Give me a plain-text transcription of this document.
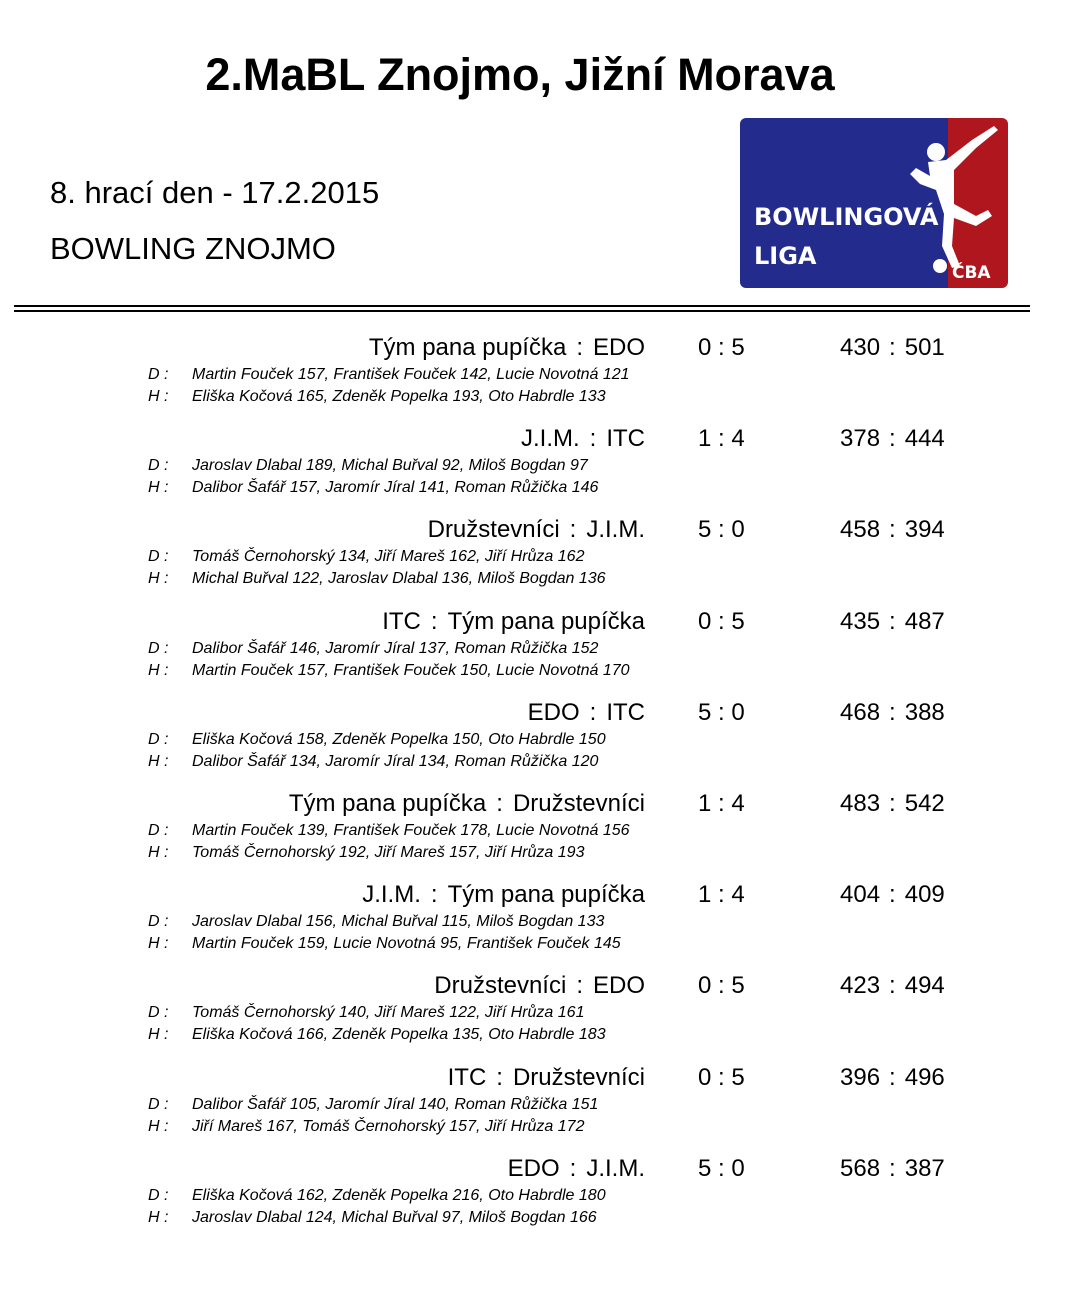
2.MaBL Znojmo, Jižní Morava
8. hrací den - 17.2.2015
BOWLING ZNOJMO
BOWLINGOVÁ
LIGA
ČBA
Tým pana pupíčka : EDO 0 : 5	430 : 501
D : Martin Fouček 157, František Fouček 142, Lucie Novotná 121
H : Eliška Kočová 165, Zdeněk Popelka 193, Oto Habrdle 133
J.I.M. : ITC 1 : 4	378 : 444
D : Jaroslav Dlabal 189, Michal Buřval 92, Miloš Bogdan 97
H : Dalibor Šafář 157, Jaromír Jíral 141, Roman Růžička 146
Družstevníci : J.I.M. 5 : 0	458 : 394
D : Tomáš Černohorský 134, Jiří Mareš 162, Jiří Hrůza 162
H : Michal Buřval 122, Jaroslav Dlabal 136, Miloš Bogdan 136
ITC : Tým pana pupíčka 0 : 5	435 : 487
D : Dalibor Šafář 146, Jaromír Jíral 137, Roman Růžička 152
H : Martin Fouček 157, František Fouček 150, Lucie Novotná 170
EDO : ITC 5 : 0	468 : 388
D : Eliška Kočová 158, Zdeněk Popelka 150, Oto Habrdle 150
H : Dalibor Šafář 134, Jaromír Jíral 134, Roman Růžička 120
Tým pana pupíčka : Družstevníci 1 : 4	483 : 542
D : Martin Fouček 139, František Fouček 178, Lucie Novotná 156
H : Tomáš Černohorský 192, Jiří Mareš 157, Jiří Hrůza 193
J.I.M. : Tým pana pupíčka 1 : 4	404 : 409
D : Jaroslav Dlabal 156, Michal Buřval 115, Miloš Bogdan 133
H : Martin Fouček 159, Lucie Novotná 95, František Fouček 145
Družstevníci : EDO 0 : 5	423 : 494
D : Tomáš Černohorský 140, Jiří Mareš 122, Jiří Hrůza 161
H : Eliška Kočová 166, Zdeněk Popelka 135, Oto Habrdle 183
ITC : Družstevníci 0 : 5	396 : 496
D : Dalibor Šafář 105, Jaromír Jíral 140, Roman Růžička 151
H : Jiří Mareš 167, Tomáš Černohorský 157, Jiří Hrůza 172
EDO : J.I.M. 5 : 0	568 : 387
D : Eliška Kočová 162, Zdeněk Popelka 216, Oto Habrdle 180
H : Jaroslav Dlabal 124, Michal Buřval 97, Miloš Bogdan 166
